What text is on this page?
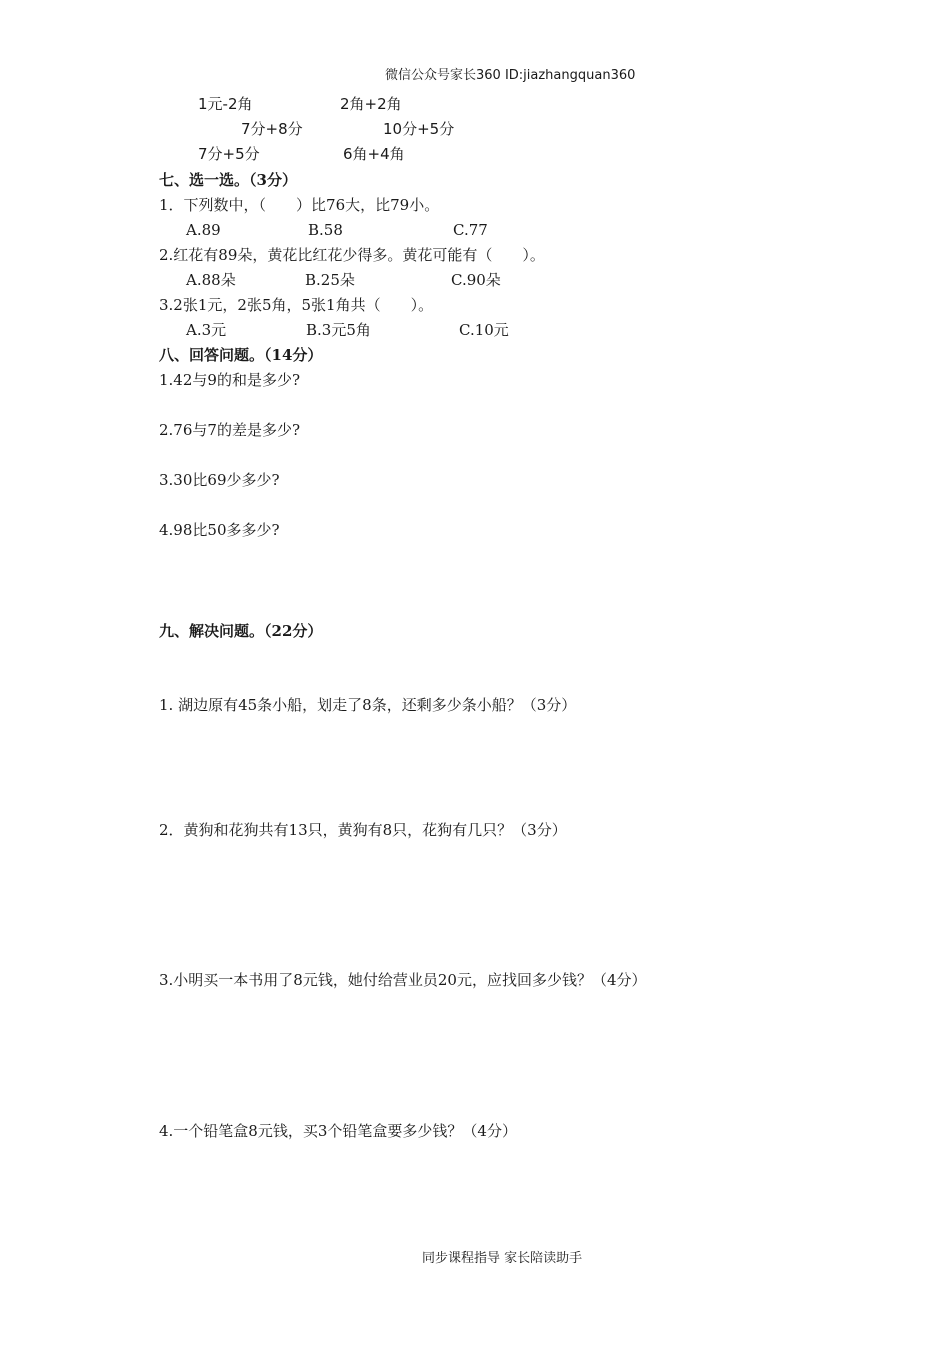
微信公众号家长360 ID:jiazhangquan360
1元-2角	2角+2角
7分+8分	10分+5分
7分+5分	6角+4角
七、选一选。（3分）
1．下列数中，（　　）比76大，比79小。
A.89	B.58	C.77
2.红花有89朵，黄花比红花少得多。黄花可能有（　　）。
A.88朵	B.25朵	C.90朵
3.2张1元，2张5角，5张1角共（　　）。
A.3元	B.3元5角	C.10元
八、回答问题。（14分）
1.42与9的和是多少?
2.76与7的差是多少?
3.30比69少多少?
4.98比50多多少?
九、解决问题。（22分）
1. 湖边原有45条小船，划走了8条，还剩多少条小船？（3分）
2．黄狗和花狗共有13只，黄狗有8只，花狗有几只？（3分）
3.小明买一本书用了8元钱，她付给营业员20元，应找回多少钱？（4分）
4.一个铅笔盒8元钱，买3个铅笔盒要多少钱？（4分）
同步课程指导 家长陪读助手
